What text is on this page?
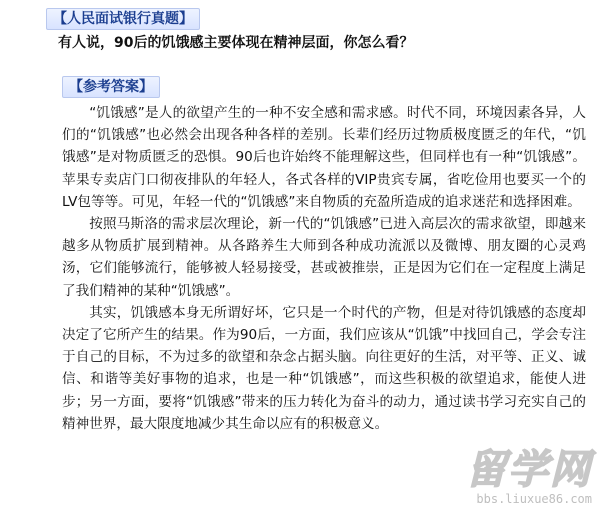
【人民面试银行真题】
有人说，90后的饥饿感主要体现在精神层面，你怎么看？
【参考答案】

“饥饿感”是人的欲望产生的一种不安全感和需求感。时代不同，环境因素各异，人们的“饥饿感”也必然会出现各种各样的差别。长辈们经历过物质极度匮乏的年代，“饥饿感”是对物质匮乏的恐惧。90后也许始终不能理解这些，但同样也有一种“饥饿感”。苹果专卖店门口彻夜排队的年轻人，各式各样的VIP贵宾专属，省吃俭用也要买一个的LV包等等。可见，年轻一代的“饥饿感”来自物质的充盈所造成的追求迷茫和选择困难。

按照马斯洛的需求层次理论，新一代的“饥饿感”已进入高层次的需求欲望，即越来越多从物质扩展到精神。从各路养生大师到各种成功流派以及微博、朋友圈的心灵鸡汤，它们能够流行，能够被人轻易接受，甚或被推崇，正是因为它们在一定程度上满足了我们精神的某种“饥饿感”。

其实，饥饿感本身无所谓好坏，它只是一个时代的产物，但是对待饥饿感的态度却决定了它所产生的结果。作为90后，一方面，我们应该从“饥饿”中找回自己，学会专注于自己的目标，不为过多的欲望和杂念占据头脑。向往更好的生活，对平等、正义、诚信、和谐等美好事物的追求，也是一种“饥饿感”，而这些积极的欲望追求，能使人进步；另一方面，要将“饥饿感”带来的压力转化为奋斗的动力，通过读书学习充实自己的精神世界，最大限度地减少其生命以应有的积极意义。

留学网
bbs.liuxue86.com
